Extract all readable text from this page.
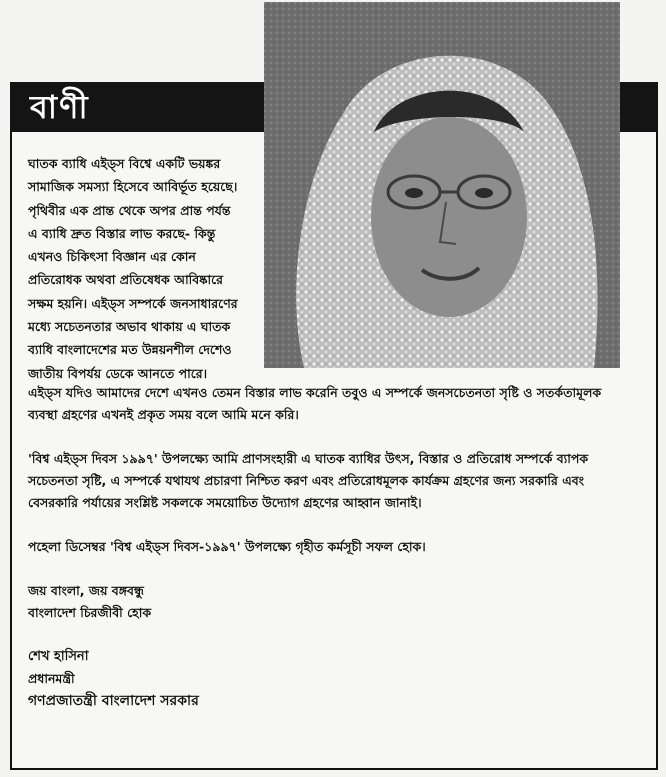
বাণী

ঘাতক ব্যাধি এইড্স বিশ্বে একটি ভয়ঙ্কর

সামাজিক সমস্যা হিসেবে আবির্ভূত হয়েছে।

পৃথিবীর এক প্রান্ত থেকে অপর প্রান্ত পর্যন্ত

এ ব্যাধি দ্রুত বিস্তার লাভ করছে- কিন্তু

এখনও চিকিৎসা বিজ্ঞান এর কোন

প্রতিরোধক অথবা প্রতিষেধক আবিষ্কারে

সক্ষম হয়নি। এইড্স সম্পর্কে জনসাধারণের

মধ্যে সচেতনতার অভাব থাকায় এ ঘাতক

ব্যাধি বাংলাদেশের মত উন্নয়নশীল দেশেও

জাতীয় বিপর্যয় ডেকে আনতে পারে।

এইড্স যদিও আমাদের দেশে এখনও তেমন বিস্তার লাভ করেনি তবুও এ সম্পর্কে জনসচেতনতা সৃষ্টি ও সতর্কতামূলক

ব্যবস্থা গ্রহণের এখনই প্রকৃত সময় বলে আমি মনে করি।

'বিশ্ব এইড্স দিবস ১৯৯৭' উপলক্ষ্যে আমি প্রাণসংহারী এ ঘাতক ব্যাধির উৎস, বিস্তার ও প্রতিরোধ সম্পর্কে ব্যাপক

সচেতনতা সৃষ্টি, এ সম্পর্কে যথাযথ প্রচারণা নিশ্চিত করণ এবং প্রতিরোধমূলক কার্যক্রম গ্রহণের জন্য সরকারি এবং

বেসরকারি পর্যায়ের সংশ্লিষ্ট সকলকে সময়োচিত উদ্যোগ গ্রহণের আহ্বান জানাই।

পহেলা ডিসেম্বর 'বিশ্ব এইড্স দিবস-১৯৯৭' উপলক্ষ্যে গৃহীত কর্মসূচী সফল হোক।

জয় বাংলা, জয় বঙ্গবন্ধু

বাংলাদেশ চিরজীবী হোক

শেখ হাসিনা

প্রধানমন্ত্রী

গণপ্রজাতন্ত্রী বাংলাদেশ সরকার
